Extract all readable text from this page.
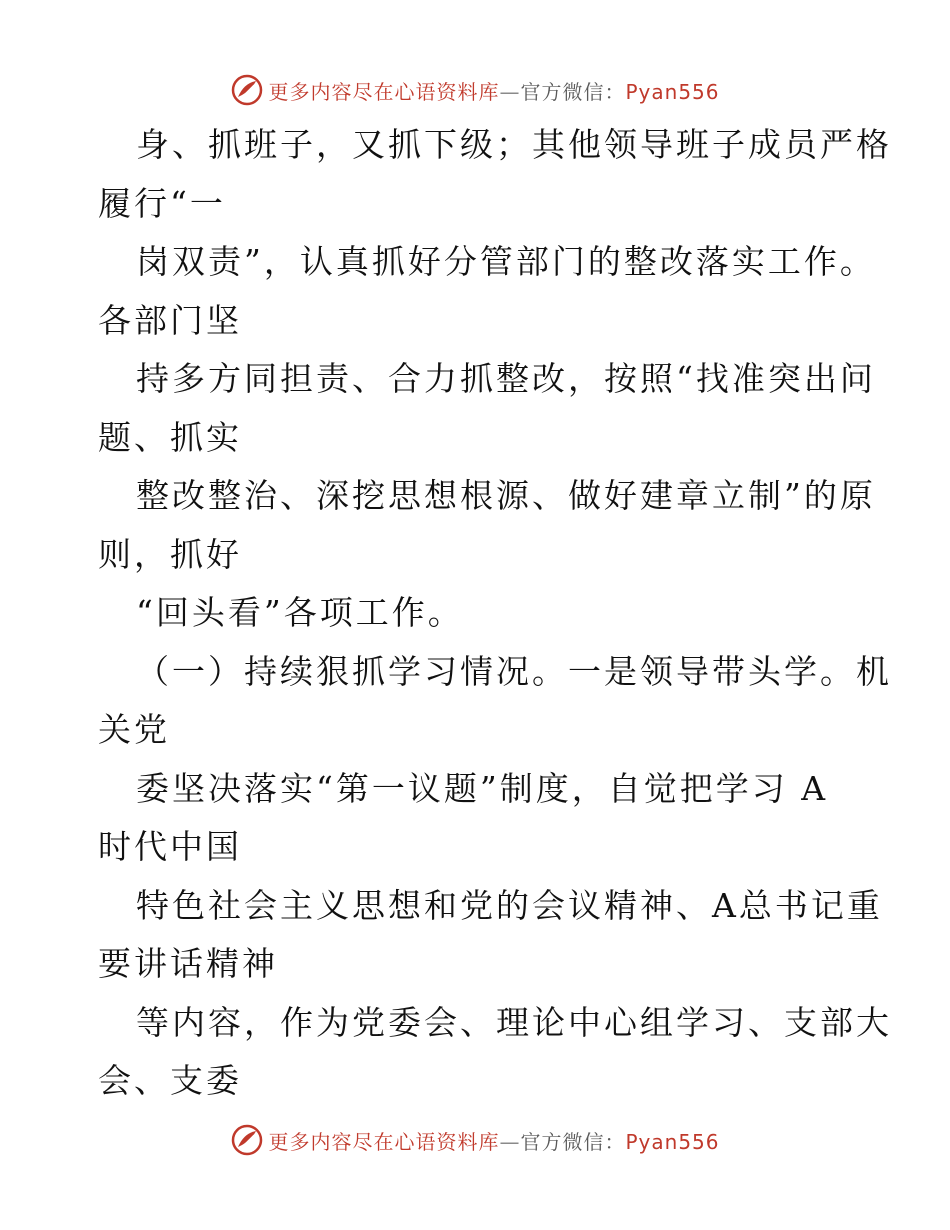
更多内容尽在心语资料库—官方微信：Pyan556
身、抓班子，又抓下级；其他领导班子成员严格
履行“一
岗双责”，认真抓好分管部门的整改落实工作。
各部门坚
持多方同担责、合力抓整改，按照“找准突出问
题、抓实
整改整治、深挖思想根源、做好建章立制”的原
则，抓好
“回头看”各项工作。
（一）持续狠抓学习情况。一是领导带头学。机
关党
委坚决落实“第一议题”制度，自觉把学习 A
时代中国
特色社会主义思想和党的会议精神、A总书记重
要讲话精神
等内容，作为党委会、理论中心组学习、支部大
会、支委
更多内容尽在心语资料库—官方微信：Pyan556
